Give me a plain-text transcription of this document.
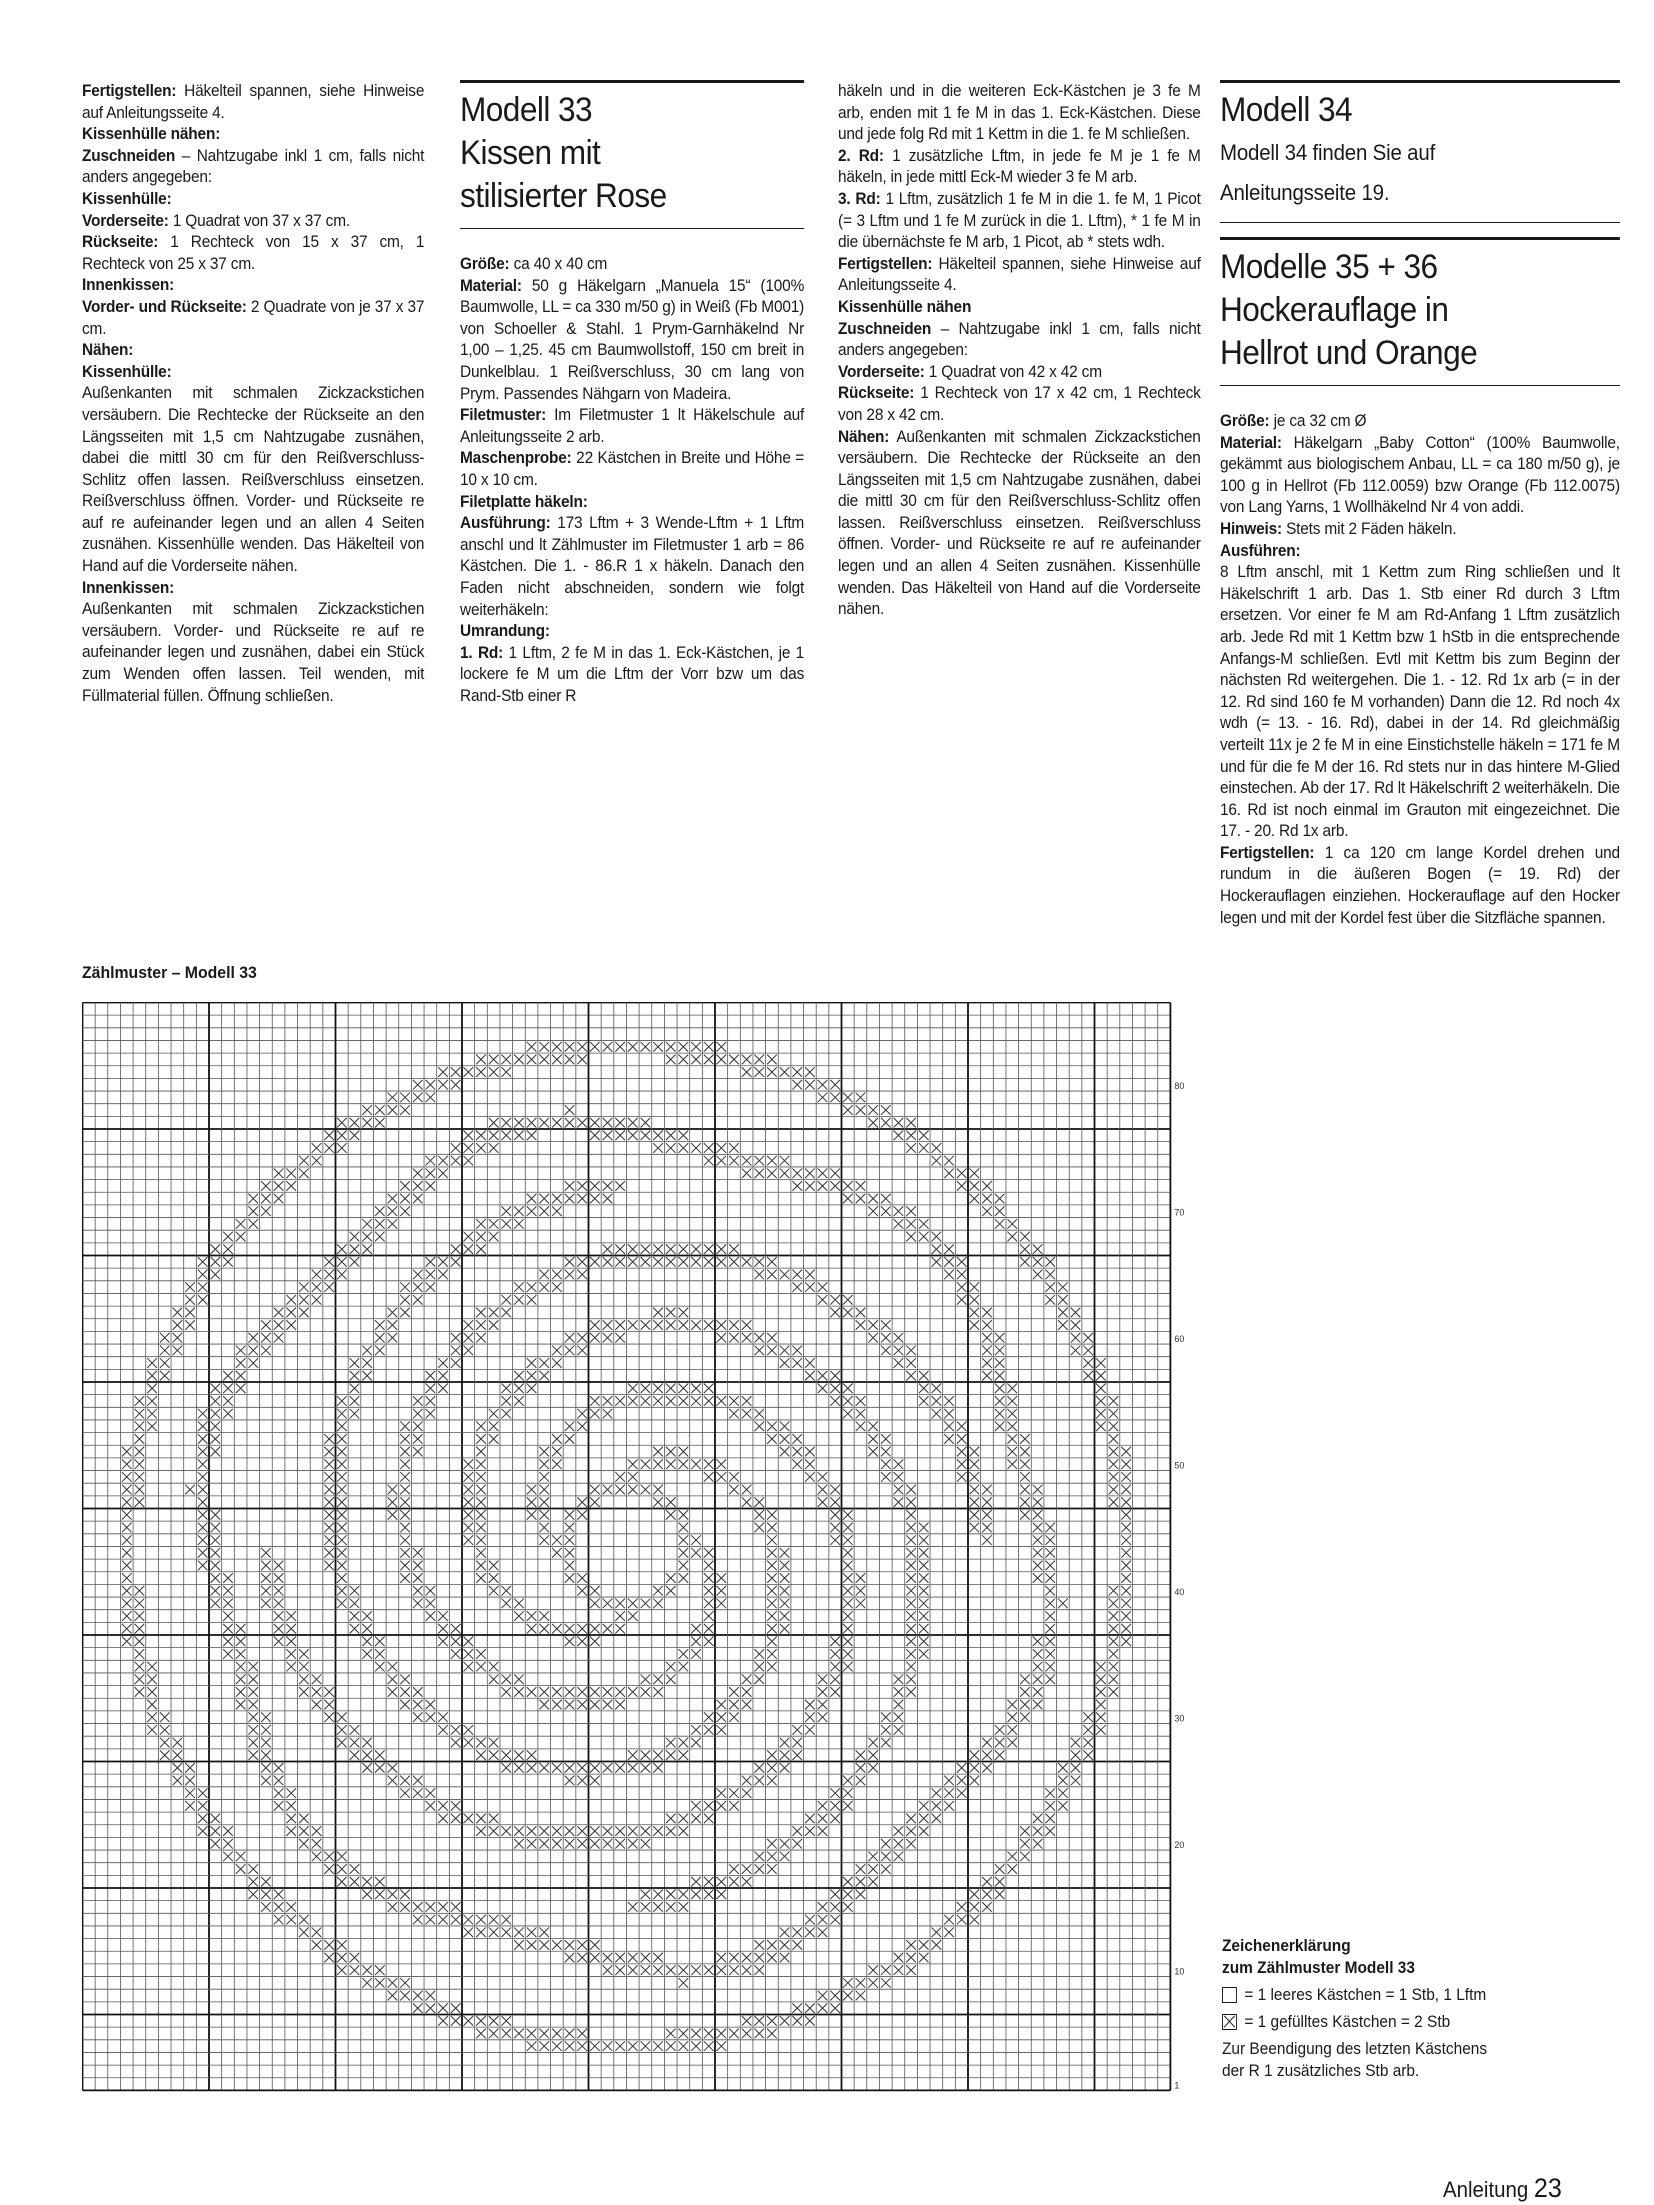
Fertigstellen: Häkelteil spannen, siehe Hinweise auf Anleitungsseite 4.

Kissenhülle nähen:

Zuschneiden – Nahtzugabe inkl 1 cm, falls nicht anders angegeben:

Kissenhülle:

Vorderseite: 1 Quadrat von 37 x 37 cm.

Rückseite: 1 Rechteck von 15 x 37 cm, 1 Rechteck von 25 x 37 cm.

Innenkissen:

Vorder- und Rückseite: 2 Quadrate von je 37 x 37 cm.

Nähen:

Kissenhülle:

Außenkanten mit schmalen Zickzackstichen versäubern. Die Rechtecke der Rückseite an den Längsseiten mit 1,5 cm Nahtzugabe zusnähen, dabei die mittl 30 cm für den Reißverschluss-Schlitz offen lassen. Reißverschluss einsetzen. Reißverschluss öffnen. Vorder- und Rückseite re auf re aufeinander legen und an allen 4 Seiten zusnähen. Kissenhülle wenden. Das Häkelteil von Hand auf die Vorderseite nähen.

Innenkissen:

Außenkanten mit schmalen Zickzackstichen versäubern. Vorder- und Rückseite re auf re aufeinander legen und zusnähen, dabei ein Stück zum Wenden offen lassen. Teil wenden, mit Füllmaterial füllen. Öffnung schließen.

Modell 33
Kissen mit
stilisierter Rose

Größe: ca 40 x 40 cm

Material: 50 g Häkelgarn „Manuela 15“ (100% Baumwolle, LL = ca 330 m/50 g) in Weiß (Fb M001) von Schoeller & Stahl. 1 Prym-Garnhäkelnd Nr 1,00 – 1,25. 45 cm Baumwollstoff, 150 cm breit in Dunkelblau. 1 Reißverschluss, 30 cm lang von Prym. Passendes Nähgarn von Madeira.

Filetmuster: Im Filetmuster 1 lt Häkelschule auf Anleitungsseite 2 arb.

Maschenprobe: 22 Kästchen in Breite und Höhe = 10 x 10 cm.

Filetplatte häkeln:

Ausführung: 173 Lftm + 3 Wende-Lftm + 1 Lftm anschl und lt Zählmuster im Filetmuster 1 arb = 86 Kästchen. Die 1. - 86.R 1 x häkeln. Danach den Faden nicht abschneiden, sondern wie folgt weiterhäkeln:

Umrandung:

1. Rd: 1 Lftm, 2 fe M in das 1. Eck-Kästchen, je 1 lockere fe M um die Lftm der Vorr bzw um das Rand-Stb einer R

häkeln und in die weiteren Eck-Kästchen je 3 fe M arb, enden mit 1 fe M in das 1. Eck-Kästchen. Diese und jede folg Rd mit 1 Kettm in die 1. fe M schließen.

2. Rd: 1 zusätzliche Lftm, in jede fe M je 1 fe M häkeln, in jede mittl Eck-M wieder 3 fe M arb.

3. Rd: 1 Lftm, zusätzlich 1 fe M in die 1. fe M, 1 Picot (= 3 Lftm und 1 fe M zurück in die 1. Lftm), * 1 fe M in die übernächste fe M arb, 1 Picot, ab * stets wdh.

Fertigstellen: Häkelteil spannen, siehe Hinweise auf Anleitungsseite 4.

Kissenhülle nähen

Zuschneiden – Nahtzugabe inkl 1 cm, falls nicht anders angegeben:

Vorderseite: 1 Quadrat von 42 x 42 cm

Rückseite: 1 Rechteck von 17 x 42 cm, 1 Rechteck von 28 x 42 cm.

Nähen: Außenkanten mit schmalen Zickzackstichen versäubern. Die Rechtecke der Rückseite an den Längsseiten mit 1,5 cm Nahtzugabe zusnähen, dabei die mittl 30 cm für den Reißverschluss-Schlitz offen lassen. Reißverschluss einsetzen. Reißverschluss öffnen. Vorder- und Rückseite re auf re aufeinander legen und an allen 4 Seiten zusnähen. Kissenhülle wenden. Das Häkelteil von Hand auf die Vorderseite nähen.

Modell 34
Modell 34 finden Sie auf
Anleitungsseite 19.
Modelle 35 + 36
Hockerauflage in
Hellrot und Orange

Größe: je ca 32 cm Ø

Material: Häkelgarn „Baby Cotton“ (100% Baumwolle, gekämmt aus biologischem Anbau, LL = ca 180 m/50 g), je 100 g in Hellrot (Fb 112.0059) bzw Orange (Fb 112.0075) von Lang Yarns, 1 Wollhäkelnd Nr 4 von addi.

Hinweis: Stets mit 2 Fäden häkeln.

Ausführen:

8 Lftm anschl, mit 1 Kettm zum Ring schließen und lt Häkelschrift 1 arb. Das 1. Stb einer Rd durch 3 Lftm ersetzen. Vor einer fe M am Rd-Anfang 1 Lftm zusätzlich arb. Jede Rd mit 1 Kettm bzw 1 hStb in die entsprechende Anfangs-M schließen. Evtl mit Kettm bis zum Beginn der nächsten Rd weitergehen. Die 1. - 12. Rd 1x arb (= in der 12. Rd sind 160 fe M vorhanden) Dann die 12. Rd noch 4x wdh (= 13. - 16. Rd), dabei in der 14. Rd gleichmäßig verteilt 11x je 2 fe M in eine Einstichstelle häkeln = 171 fe M und für die fe M der 16. Rd stets nur in das hintere M-Glied einstechen. Ab der 17. Rd lt Häkelschrift 2 weiterhäkeln. Die 16. Rd ist noch einmal im Grauton mit eingezeichnet. Die 17. - 20. Rd 1x arb.

Fertigstellen: 1 ca 120 cm lange Kordel drehen und rundum in die äußeren Bogen (= 19. Rd) der Hockerauflagen einziehen. Hockerauflage auf den Hocker legen und mit der Kordel fest über die Sitzfläche spannen.

Zählmuster – Modell 33
80
70
60
50
40
30
20
10
1
Zeichenerklärung
zum Zählmuster Modell 33
= 1 leeres Kästchen = 1 Stb, 1 Lftm
= 1 gefülltes Kästchen = 2 Stb
Zur Beendigung des letzten Kästchens
der R 1 zusätzliches Stb arb.
Anleitung 23
